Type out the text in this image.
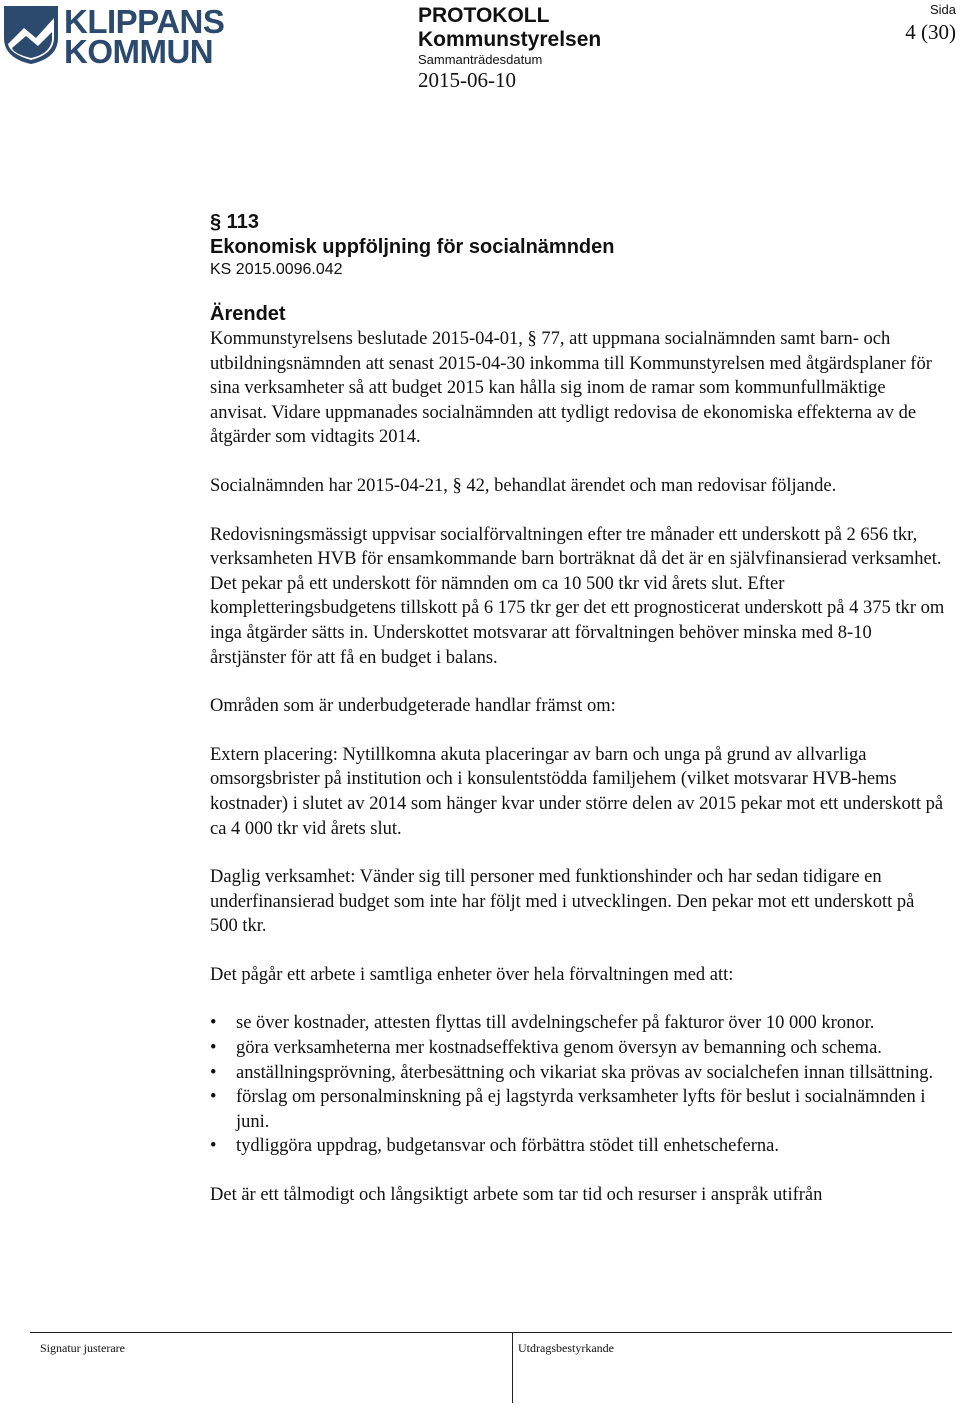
KLIPPANS
KOMMUN
PROTOKOLL
Kommunstyrelsen
Sammanträdesdatum
2015-06-10
Sida
4 (30)
§ 113
Ekonomisk uppföljning för socialnämnden
KS 2015.0096.042
Ärendet

Kommunstyrelsens beslutade 2015-04-01, § 77, att uppmana socialnämnden samt barn- och utbildningsnämnden att senast 2015-04-30 inkomma till Kommunstyrelsen med åtgärdsplaner för sina verksamheter så att budget 2015 kan hålla sig inom de ramar som kommunfullmäktige anvisat. Vidare uppmanades socialnämnden att tydligt redovisa de ekonomiska effekterna av de åtgärder som vidtagits 2014.

Socialnämnden har 2015-04-21, § 42, behandlat ärendet och man redovisar följande.

Redovisningsmässigt uppvisar socialförvaltningen efter tre månader ett underskott på 2 656 tkr, verksamheten HVB för ensamkommande barn borträknat då det är en självfinansierad verksamhet. Det pekar på ett underskott för nämnden om ca 10 500 tkr vid årets slut. Efter kompletteringsbudgetens tillskott på 6 175 tkr ger det ett prognosticerat underskott på 4 375 tkr om inga åtgärder sätts in. Underskottet motsvarar att förvaltningen behöver minska med 8-10 årstjänster för att få en budget i balans.

Områden som är underbudgeterade handlar främst om:

Extern placering: Nytillkomna akuta placeringar av barn och unga på grund av allvarliga omsorgsbrister på institution och i konsulentstödda familjehem (vilket motsvarar HVB-hems kostnader) i slutet av 2014 som hänger kvar under större delen av 2015 pekar mot ett underskott på ca 4 000 tkr vid årets slut.

Daglig verksamhet: Vänder sig till personer med funktionshinder och har sedan tidigare en underfinansierad budget som inte har följt med i utvecklingen. Den pekar mot ett underskott på 500 tkr.

Det pågår ett arbete i samtliga enheter över hela förvaltningen med att:

• se över kostnader, attesten flyttas till avdelningschefer på fakturor över 10 000 kronor.
• göra verksamheterna mer kostnadseffektiva genom översyn av bemanning och schema.
• anställningsprövning, återbesättning och vikariat ska prövas av socialchefen innan tillsättning.
• förslag om personalminskning på ej lagstyrda verksamheter lyfts för beslut i socialnämnden i juni.
• tydliggöra uppdrag, budgetansvar och förbättra stödet till enhetscheferna.

Det är ett tålmodigt och långsiktigt arbete som tar tid och resurser i anspråk utifrån

Signatur justerare	Utdragsbestyrkande
